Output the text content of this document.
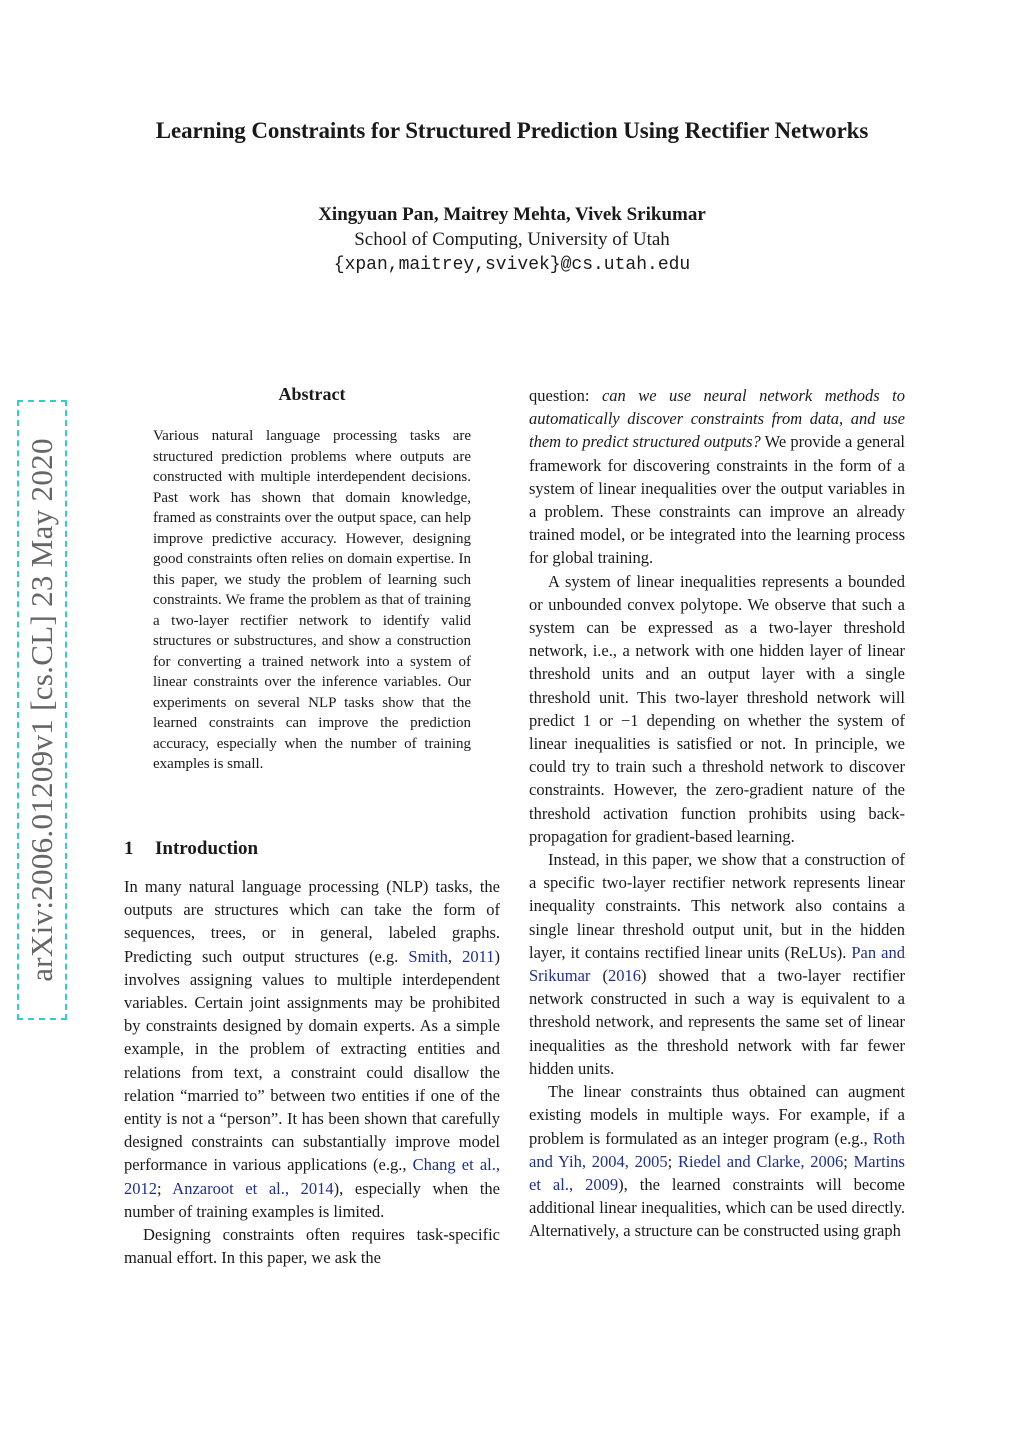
Learning Constraints for Structured Prediction Using Rectifier Networks
Xingyuan Pan, Maitrey Mehta, Vivek Srikumar
School of Computing, University of Utah
{xpan,maitrey,svivek}@cs.utah.edu
arXiv:2006.01209v1 [cs.CL] 23 May 2020
Abstract

Various natural language processing tasks are structured prediction problems where outputs are constructed with multiple interdependent decisions. Past work has shown that domain knowledge, framed as constraints over the output space, can help improve predictive accuracy. However, designing good constraints often relies on domain expertise. In this paper, we study the problem of learning such constraints. We frame the problem as that of training a two-layer rectifier network to identify valid structures or substructures, and show a construction for converting a trained network into a system of linear constraints over the inference variables. Our experiments on several NLP tasks show that the learned constraints can improve the prediction accuracy, especially when the number of training examples is small.

1 Introduction

In many natural language processing (NLP) tasks, the outputs are structures which can take the form of sequences, trees, or in general, labeled graphs. Predicting such output structures (e.g. Smith, 2011) involves assigning values to multiple interdependent variables. Certain joint assignments may be prohibited by constraints designed by domain experts. As a simple example, in the problem of extracting entities and relations from text, a constraint could disallow the relation “married to” between two entities if one of the entity is not a “person”. It has been shown that carefully designed constraints can substantially improve model performance in various applications (e.g., Chang et al., 2012; Anzaroot et al., 2014), especially when the number of training examples is limited.

Designing constraints often requires task-specific manual effort. In this paper, we ask the

question: can we use neural network methods to automatically discover constraints from data, and use them to predict structured outputs? We provide a general framework for discovering constraints in the form of a system of linear inequalities over the output variables in a problem. These constraints can improve an already trained model, or be integrated into the learning process for global training.

A system of linear inequalities represents a bounded or unbounded convex polytope. We observe that such a system can be expressed as a two-layer threshold network, i.e., a network with one hidden layer of linear threshold units and an output layer with a single threshold unit. This two-layer threshold network will predict 1 or −1 depending on whether the system of linear inequalities is satisfied or not. In principle, we could try to train such a threshold network to discover constraints. However, the zero-gradient nature of the threshold activation function prohibits using back-propagation for gradient-based learning.

Instead, in this paper, we show that a construction of a specific two-layer rectifier network represents linear inequality constraints. This network also contains a single linear threshold output unit, but in the hidden layer, it contains rectified linear units (ReLUs). Pan and Srikumar (2016) showed that a two-layer rectifier network constructed in such a way is equivalent to a threshold network, and represents the same set of linear inequalities as the threshold network with far fewer hidden units.

The linear constraints thus obtained can augment existing models in multiple ways. For example, if a problem is formulated as an integer program (e.g., Roth and Yih, 2004, 2005; Riedel and Clarke, 2006; Martins et al., 2009), the learned constraints will become additional linear inequalities, which can be used directly. Alternatively, a structure can be constructed using graph
